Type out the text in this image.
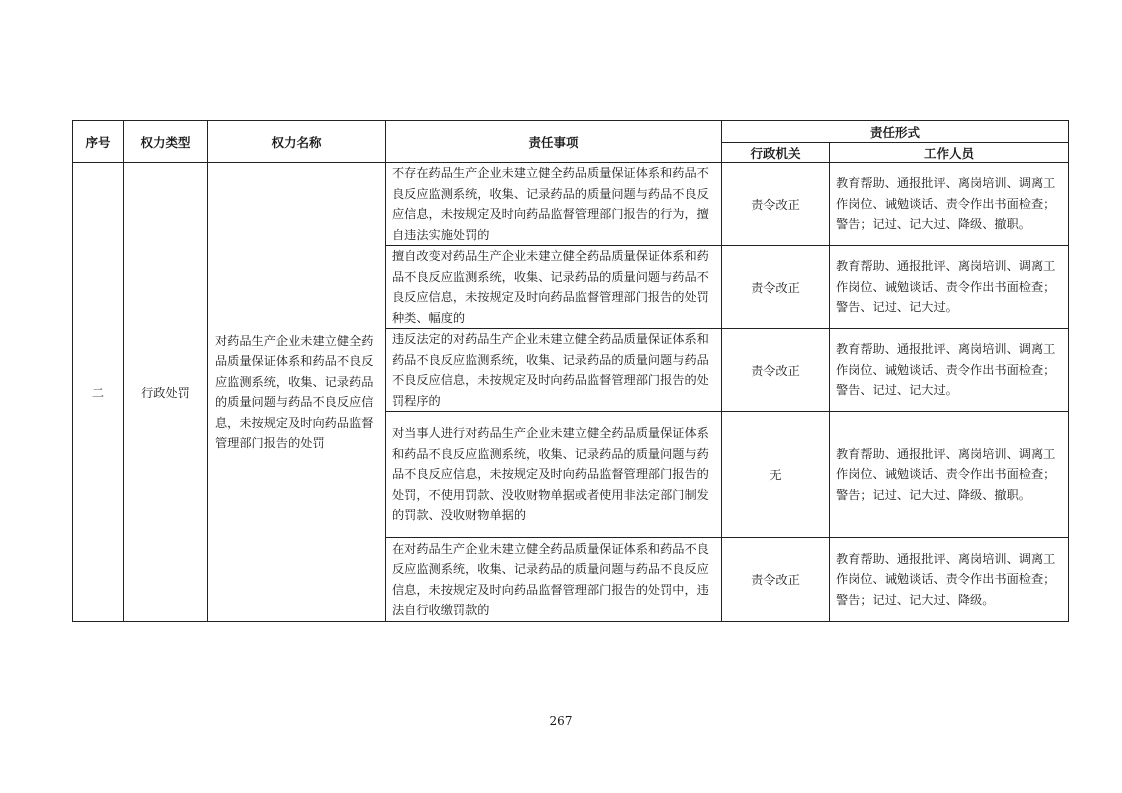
序号	权力类型	权力名称	责任事项	责任形式	
				行政机关	工作人员
二	行政处罚	对药品生产企业未建立健全药品质量保证体系和药品不良反应监测系统，收集、记录药品的质量问题与药品不良反应信息，未按规定及时向药品监督管理部门报告的处罚	不存在药品生产企业未建立健全药品质量保证体系和药品不良反应监测系统，收集、记录药品的质量问题与药品不良反应信息，未按规定及时向药品监督管理部门报告的行为，擅自违法实施处罚的	责令改正	教育帮助、通报批评、离岗培训、调离工作岗位、诫勉谈话、责令作出书面检查；警告；记过、记大过、降级、撤职。
			擅自改变对药品生产企业未建立健全药品质量保证体系和药品不良反应监测系统，收集、记录药品的质量问题与药品不良反应信息，未按规定及时向药品监督管理部门报告的处罚种类、幅度的	责令改正	教育帮助、通报批评、离岗培训、调离工作岗位、诫勉谈话、责令作出书面检查；警告、记过、记大过。
			违反法定的对药品生产企业未建立健全药品质量保证体系和药品不良反应监测系统，收集、记录药品的质量问题与药品不良反应信息，未按规定及时向药品监督管理部门报告的处罚程序的	责令改正	教育帮助、通报批评、离岗培训、调离工作岗位、诫勉谈话、责令作出书面检查；警告、记过、记大过。
			对当事人进行对药品生产企业未建立健全药品质量保证体系和药品不良反应监测系统，收集、记录药品的质量问题与药品不良反应信息，未按规定及时向药品监督管理部门报告的处罚，不使用罚款、没收财物单据或者使用非法定部门制发的罚款、没收财物单据的	无	教育帮助、通报批评、离岗培训、调离工作岗位、诫勉谈话、责令作出书面检查；警告；记过、记大过、降级、撤职。
			在对药品生产企业未建立健全药品质量保证体系和药品不良反应监测系统，收集、记录药品的质量问题与药品不良反应信息，未按规定及时向药品监督管理部门报告的处罚中，违法自行收缴罚款的	责令改正	教育帮助、通报批评、离岗培训、调离工作岗位、诫勉谈话、责令作出书面检查；警告；记过、记大过、降级。
267
